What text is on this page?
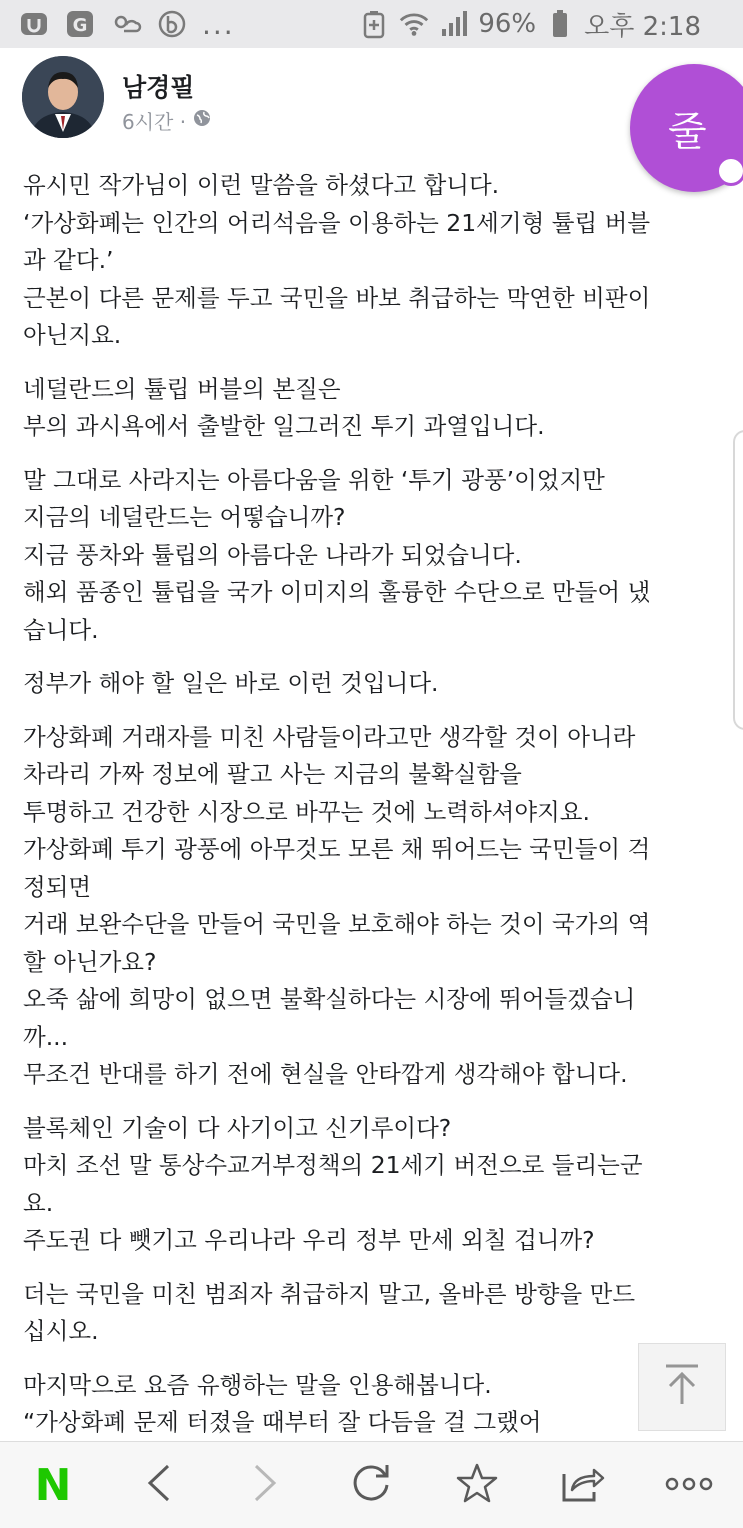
G	...	96% 오후 2:18
남경필
6시간 ·	줄
유시민 작가님이 이런 말씀을 하셨다고 합니다.
‘가상화폐는 인간의 어리석음을 이용하는 21세기형 튤립 버블
과 같다.’
근본이 다른 문제를 두고 국민을 바보 취급하는 막연한 비판이
아닌지요.
네덜란드의 튤립 버블의 본질은
부의 과시욕에서 출발한 일그러진 투기 과열입니다.
말 그대로 사라지는 아름다움을 위한 ‘투기 광풍’이었지만
지금의 네덜란드는 어떻습니까?
지금 풍차와 튤립의 아름다운 나라가 되었습니다.
해외 품종인 튤립을 국가 이미지의 훌륭한 수단으로 만들어 냈
습니다.
정부가 해야 할 일은 바로 이런 것입니다.
가상화폐 거래자를 미친 사람들이라고만 생각할 것이 아니라
차라리 가짜 정보에 팔고 사는 지금의 불확실함을
투명하고 건강한 시장으로 바꾸는 것에 노력하셔야지요.
가상화폐 투기 광풍에 아무것도 모른 채 뛰어드는 국민들이 걱
정되면
거래 보완수단을 만들어 국민을 보호해야 하는 것이 국가의 역
할 아닌가요?
오죽 삶에 희망이 없으면 불확실하다는 시장에 뛰어들겠습니
까...
무조건 반대를 하기 전에 현실을 안타깝게 생각해야 합니다.
블록체인 기술이 다 사기이고 신기루이다?
마치 조선 말 통상수교거부정책의 21세기 버전으로 들리는군
요.
주도권 다 뺏기고 우리나라 우리 정부 만세 외칠 겁니까?
더는 국민을 미친 범죄자 취급하지 말고, 올바른 방향을 만드
십시오.
마지막으로 요즘 유행하는 말을 인용해봅니다.
“가상화폐 문제 터졌을 때부터 잘 다듬을 걸 그랬어
N
